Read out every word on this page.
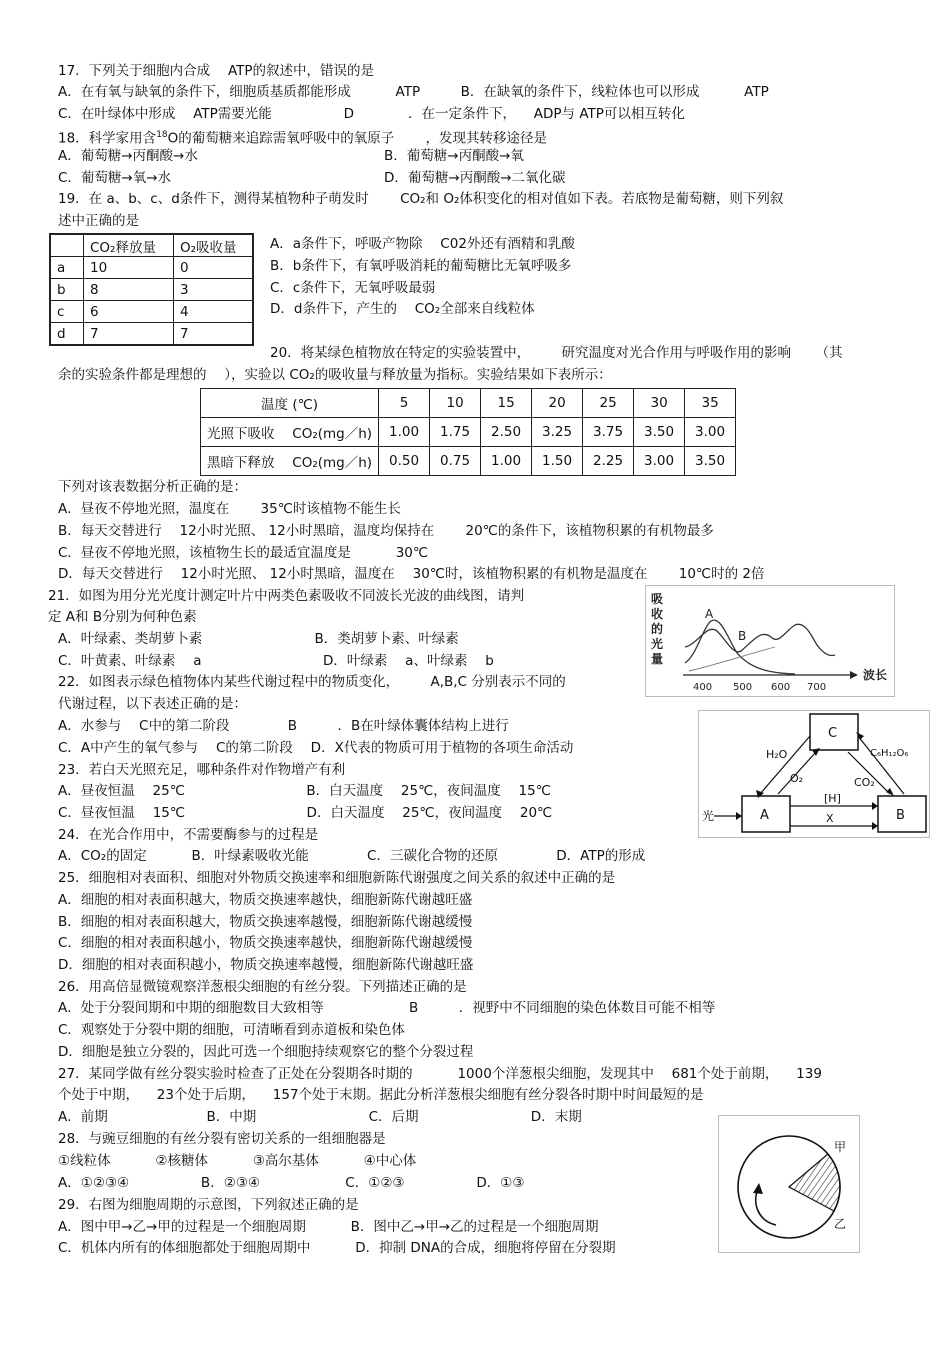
17．下列关于细胞内合成 　ATP的叙述中，错误的是
A．在有氧与缺氧的条件下，细胞质基质都能形成 　　　ATP　　　B．在缺氧的条件下，线粒体也可以形成 　　　ATP
C．在叶绿体中形成 　ATP需要光能 　　　　　D　　　　．在一定条件下， 　ADP与 ATP可以相互转化
18．科学家用含$^{18}$O的葡萄糖来追踪需氧呼吸中的氧原子 　　，发现其转移途径是
A．葡萄糖→丙酮酸→水	B．葡萄糖→丙酮酸→氧
C．葡萄糖→氧→水	D．葡萄糖→丙酮酸→二氧化碳
19．在 a、b、c、d条件下，测得某植物种子萌发时 　　CO₂和 O₂体积变化的相对值如下表。若底物是葡萄糖，则下列叙
述中正确的是
	CO₂释放量	O₂吸收量
a	10	0
b	8	3
c	6	4
d	7	7
A．a条件下，呼吸产物除 　C02外还有酒精和乳酸
B．b条件下，有氧呼吸消耗的葡萄糖比无氧呼吸多
C．c条件下，无氧呼吸最弱
D．d条件下，产生的 　CO₂全部来自线粒体
20．将某绿色植物放在特定的实验装置中， 　　研究温度对光合作用与呼吸作用的影响 　　（其
余的实验条件都是理想的 　），实验以 CO₂的吸收量与释放量为指标。实验结果如下表所示：
温度 (℃)	5	10	15	20	25	30	35
光照下吸收 　CO₂(mg／h)	1.00	1.75	2.50	3.25	3.75	3.50	3.00
黑暗下释放 　CO₂(mg／h)	0.50	0.75	1.00	1.50	2.25	3.00	3.50
下列对该表数据分析正确的是：
A．昼夜不停地光照，温度在 　　35℃时该植物不能生长
B．每天交替进行 　12小时光照、 12小时黑暗，温度均保持在 　　20℃的条件下，该植物积累的有机物最多
C．昼夜不停地光照，该植物生长的最适宜温度是 　　　30℃
D．每天交替进行 　12小时光照、 12小时黑暗，温度在 　30℃时，该植物积累的有机物是温度在 　　10℃时的 2倍
21．如图为用分光光度计测定叶片中两类色素吸收不同波长光波的曲线图，请判
定 A和 B分别为何种色素
A．叶绿素、类胡萝卜素 　　　　　　　　B．类胡萝卜素、叶绿素
C．叶黄素、叶绿素 　a　　　　　　　　　D．叶绿素 　a、叶绿素 　b
吸
收
的
光
量
波长
400 500 600 700
A
B
22．如图表示绿色植物体内某些代谢过程中的物质变化， 　　A,B,C 分别表示不同的
代谢过程，以下表述正确的是：
A．水参与 　C中的第二阶段 　　　　B　　　．B在叶绿体囊体结构上进行
C．A中产生的氧气参与 　C的第二阶段 　D．X代表的物质可用于植物的各项生命活动
C
A	B
光
[H]
X
H₂O
O₂
C₆H₁₂O₆
CO₂
23．若白天光照充足，哪种条件对作物增产有利
A．昼夜恒温 　25℃　　　　　　　　　B．白天温度 　25℃，夜间温度 　15℃
C．昼夜恒温 　15℃　　　　　　　　　D．白天温度 　25℃，夜间温度 　20℃
24．在光合作用中，不需要酶参与的过程是
A．CO₂的固定 　　　B．叶绿素吸收光能 　　　　C．三碳化合物的还原 　　　　D．ATP的形成
25．细胞相对表面积、细胞对外物质交换速率和细胞新陈代谢强度之间关系的叙述中正确的是
A．细胞的相对表面积越大，物质交换速率越快，细胞新陈代谢越旺盛
B．细胞的相对表面积越大，物质交换速率越慢，细胞新陈代谢越缓慢
C．细胞的相对表面积越小，物质交换速率越快，细胞新陈代谢越缓慢
D．细胞的相对表面积越小，物质交换速率越慢，细胞新陈代谢越旺盛
26．用高倍显微镜观察洋葱根尖细胞的有丝分裂。下列描述正确的是
A．处于分裂间期和中期的细胞数目大致相等 　　　　　　B　　　．视野中不同细胞的染色体数目可能不相等
C．观察处于分裂中期的细胞，可清晰看到赤道板和染色体
D．细胞是独立分裂的，因此可选一个细胞持续观察它的整个分裂过程
27．某同学做有丝分裂实验时检查了正处在分裂期各时期的 　　　1000个洋葱根尖细胞，发现其中 　681个处于前期， 　139
个处于中期， 　23个处于后期， 　157个处于末期。据此分析洋葱根尖细胞有丝分裂各时期中时间最短的是
A．前期 　　　　　　　B．中期 　　　　　　　　C．后期 　　　　　　　　D．末期
28．与豌豆细胞的有丝分裂有密切关系的一组细胞器是
①线粒体 　　　②核糖体 　　　③高尔基体 　　　④中心体
A．①②③④ 　　　　　B．②③④ 　　　　　　C．①②③ 　　　　　D．①③
29．右图为细胞周期的示意图，下列叙述正确的是
A．图中甲→乙→甲的过程是一个细胞周期 　　　B．图中乙→甲→乙的过程是一个细胞周期
C．机体内所有的体细胞都处于细胞周期中 　　　D．抑制 DNA的合成，细胞将停留在分裂期
甲
乙
